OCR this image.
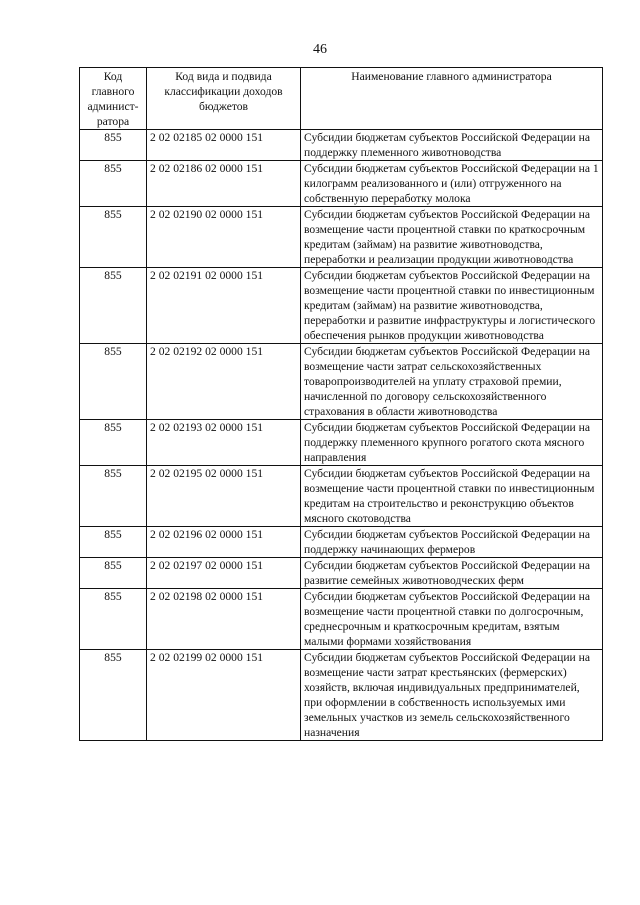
46
Код главного админист-ратора	Код вида и подвида классификации доходов бюджетов	Наименование главного администратора
855	2 02 02185 02 0000 151	Субсидии бюджетам субъектов Российской Федерации на поддержку племенного животноводства
855	2 02 02186 02 0000 151	Субсидии бюджетам субъектов Российской Федерации на 1 килограмм реализованного и (или) отгруженного на собственную переработку молока
855	2 02 02190 02 0000 151	Субсидии бюджетам субъектов Российской Федерации на возмещение части процентной ставки по краткосрочным кредитам (займам) на развитие животноводства, переработки и реализации продукции животноводства
855	2 02 02191 02 0000 151	Субсидии бюджетам субъектов Российской Федерации на возмещение части процентной ставки по инвестиционным кредитам (займам) на развитие животноводства, переработки и развитие инфраструктуры и логистического обеспечения рынков продукции животноводства
855	2 02 02192 02 0000 151	Субсидии бюджетам субъектов Российской Федерации на возмещение части затрат сельскохозяйственных товаропроизводителей на уплату страховой премии, начисленной по договору сельскохозяйственного страхования в области животноводства
855	2 02 02193 02 0000 151	Субсидии бюджетам субъектов Российской Федерации на поддержку племенного крупного рогатого скота мясного направления
855	2 02 02195 02 0000 151	Субсидии бюджетам субъектов Российской Федерации на возмещение части процентной ставки по инвестиционным кредитам на строительство и реконструкцию объектов мясного скотоводства
855	2 02 02196 02 0000 151	Субсидии бюджетам субъектов Российской Федерации на поддержку начинающих фермеров
855	2 02 02197 02 0000 151	Субсидии бюджетам субъектов Российской Федерации на развитие семейных животноводческих ферм
855	2 02 02198 02 0000 151	Субсидии бюджетам субъектов Российской Федерации на возмещение части процентной ставки по долгосрочным, среднесрочным и краткосрочным кредитам, взятым малыми формами хозяйствования
855	2 02 02199 02 0000 151	Субсидии бюджетам субъектов Российской Федерации на возмещение части затрат крестьянских (фермерских) хозяйств, включая индивидуальных предпринимателей, при оформлении в собственность используемых ими земельных участков из земель сельскохозяйственного назначения
